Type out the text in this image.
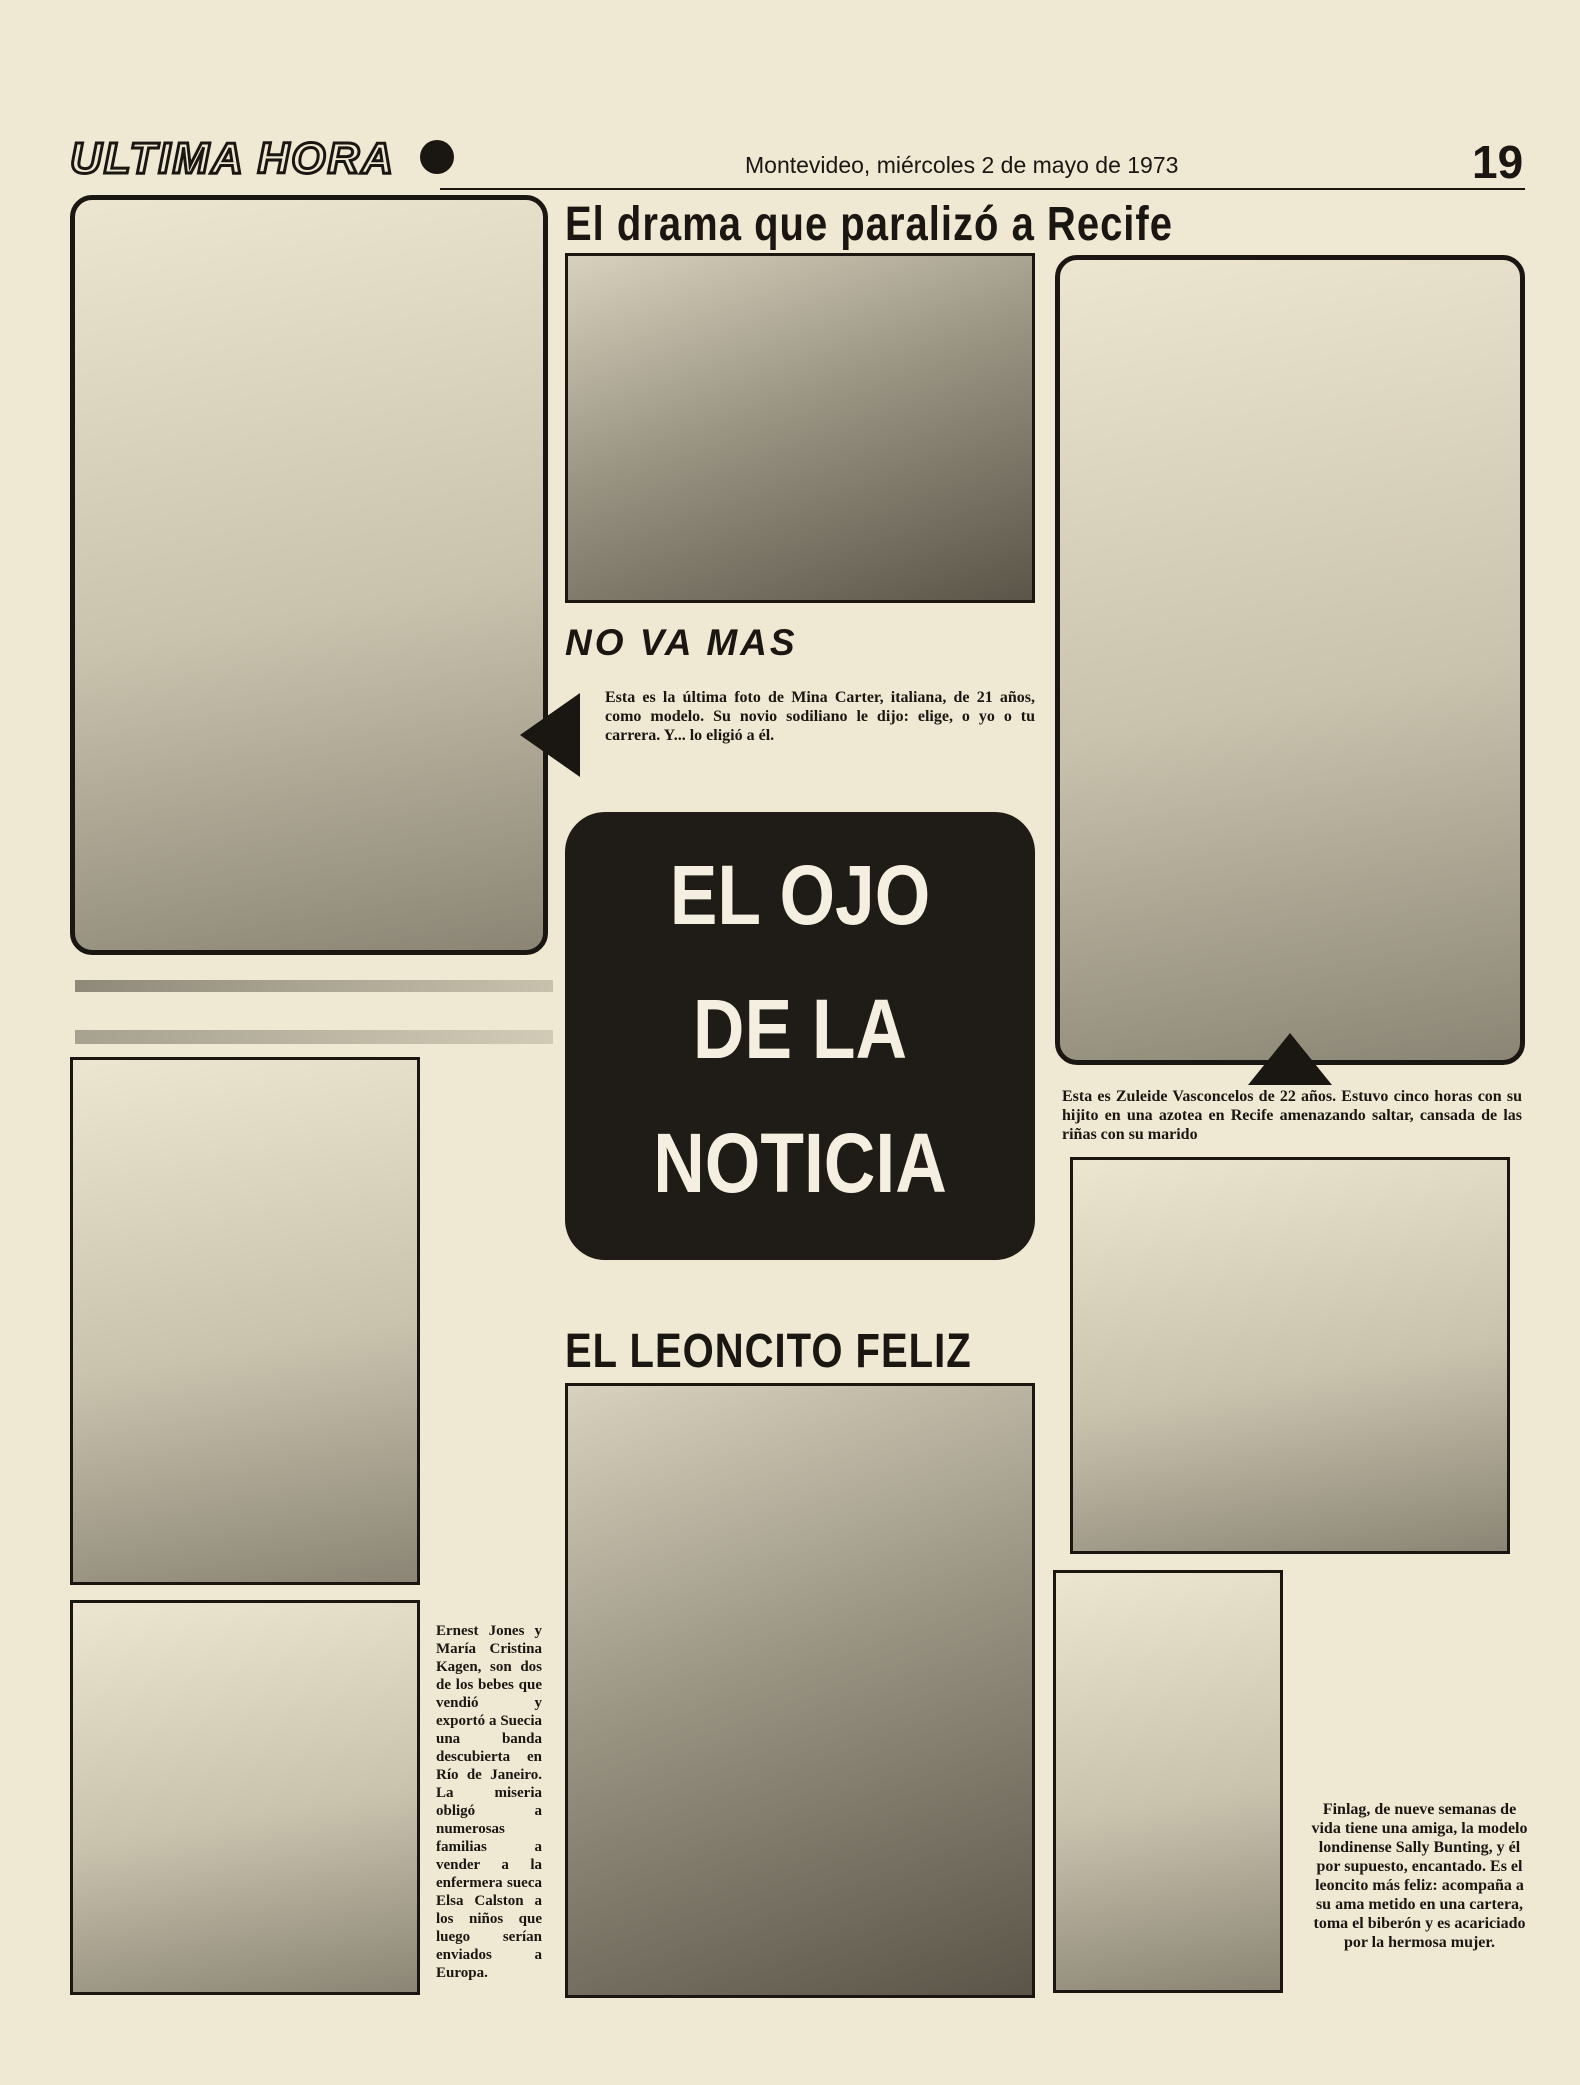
ULTIMA HORA	Montevideo, miércoles 2 de mayo de 1973	19
El drama que paralizó a Recife
NO VA MAS
Esta es la última foto de Mina Carter, italiana, de 21 años, como modelo. Su novio sodiliano le dijo: elige, o yo o tu carrera. Y... lo eligió a él.
EL OJO
DE LA
NOTICIA
Esta es Zuleide Vasconcelos de 22 años. Estuvo cinco horas con su hijito en una azotea en Recife amenazando saltar, cansada de las riñas con su marido
Ernest Jones y María Cristina Kagen, son dos de los bebes que vendió y exportó a Suecia una banda descubierta en Río de Janeiro. La miseria obligó a numerosas familias a vender a la enfermera sueca Elsa Calston a los niños que luego serían enviados a Europa.
EL LEONCITO FELIZ
Finlag, de nueve semanas de vida tiene una amiga, la modelo londinense Sally Bunting, y él por supuesto, encantado. Es el leoncito más feliz: acompaña a su ama metido en una cartera, toma el biberón y es acariciado por la hermosa mujer.
